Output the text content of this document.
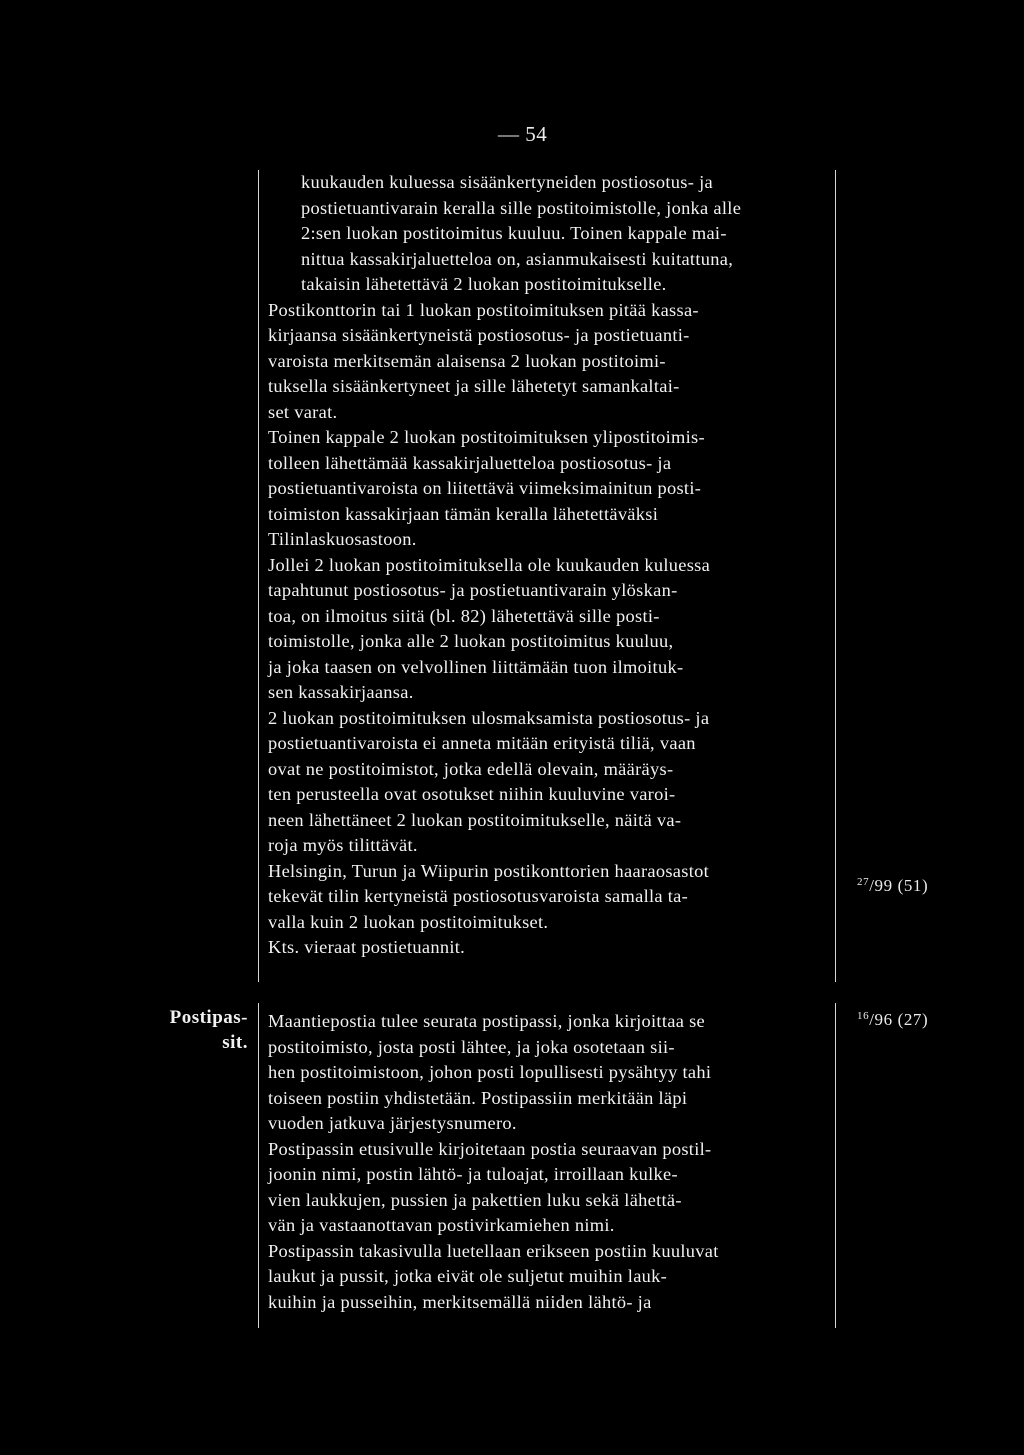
— 54
kuukauden kuluessa sisäänkertyneiden postiosotus- ja
postietuantivarain keralla sille postitoimistolle, jonka alle
2:sen luokan postitoimitus kuuluu. Toinen kappale mai-
nittua kassakirjaluetteloa on, asianmukaisesti kuitattuna,
takaisin lähetettävä 2 luokan postitoimitukselle.
Postikonttorin tai 1 luokan postitoimituksen pitää kassa-
kirjaansa sisäänkertyneistä postiosotus- ja postietuanti-
varoista merkitsemän alaisensa 2 luokan postitoimi-
tuksella sisäänkertyneet ja sille lähetetyt samankaltai-
set varat.
Toinen kappale 2 luokan postitoimituksen ylipostitoimis-
tolleen lähettämää kassakirjaluetteloa postiosotus- ja
postietuantivaroista on liitettävä viimeksimainitun posti-
toimiston kassakirjaan tämän keralla lähetettäväksi
Tilinlaskuosastoon.
Jollei 2 luokan postitoimituksella ole kuukauden kuluessa
tapahtunut postiosotus- ja postietuantivarain ylöskan-
toa, on ilmoitus siitä (bl. 82) lähetettävä sille posti-
toimistolle, jonka alle 2 luokan postitoimitus kuuluu,
ja joka taasen on velvollinen liittämään tuon ilmoituk-
sen kassakirjaansa.
2 luokan postitoimituksen ulosmaksamista postiosotus- ja
postietuantivaroista ei anneta mitään erityistä tiliä, vaan
ovat ne postitoimistot, jotka edellä olevain, määräys-
ten perusteella ovat osotukset niihin kuuluvine varoi-
neen lähettäneet 2 luokan postitoimitukselle, näitä va-
roja myös tilittävät.
Helsingin, Turun ja Wiipurin postikonttorien haaraosastot
tekevät tilin kertyneistä postiosotusvaroista samalla ta-
valla kuin 2 luokan postitoimitukset.
Kts. vieraat postietuannit.
$^{27}$/99 (51)
Postipas-
sit.
Maantiepostia tulee seurata postipassi, jonka kirjoittaa se
postitoimisto, josta posti lähtee, ja joka osotetaan sii-
hen postitoimistoon, johon posti lopullisesti pysähtyy tahi
toiseen postiin yhdistetään. Postipassiin merkitään läpi
vuoden jatkuva järjestysnumero.
Postipassin etusivulle kirjoitetaan postia seuraavan postil-
joonin nimi, postin lähtö- ja tuloajat, irroillaan kulke-
vien laukkujen, pussien ja pakettien luku sekä lähettä-
vän ja vastaanottavan postivirkamiehen nimi.
Postipassin takasivulla luetellaan erikseen postiin kuuluvat
laukut ja pussit, jotka eivät ole suljetut muihin lauk-
kuihin ja pusseihin, merkitsemällä niiden lähtö- ja
$^{16}$/96 (27)
